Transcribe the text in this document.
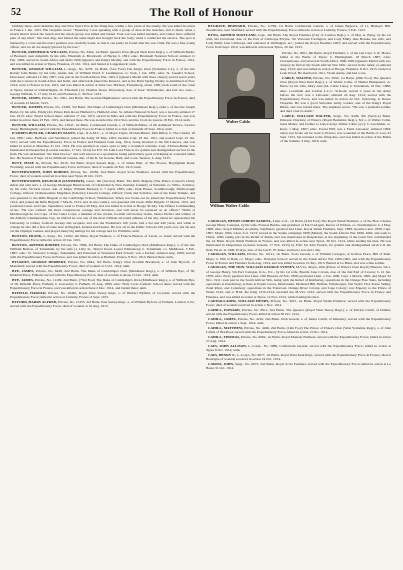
52	The Roll of Honour

birthday there, and Christmas Day and New Year's Eve in the firing line, within a few yards of the enemy. He was killed in action in France 1 Jan. 1915. His Chaplain wrote: "Yesterday I was speaking with a group of men in the trenches, and to them, when a trench mortar struck the trench and the whole group was killed and buried. Your son was killed instantly, and cannot have suffered pain of any kind." Our men dug, and buried the same night and brought back the body, when I conducted the service. The spot is marked by a cross and the exact position was carefully noted, so that it can easily be found after the war. Unm. He was a fine young officer, and we all are deeply grieved by his loss."

BUTLER, FREDERICK WILLIAM, Private, No. 3462, 1st Battn. Queen's Own (Royal West Kent Regt.), s. of William Butler, of Bonnard, near Ampthill, by his wife, Elizabeth A. Brockwell, of Bucks; b. 1891; educ. Bracknell National School; enlisted 11 Feb. 1909; served in South Africa and India 1909 (Queen's and King's Medal), and with the Expeditionary Force in France, 1914, and was killed in action at Ypres, Flanders, 21 Oct. 1914, and buried at Langemarck; unm.

BUTLER, GEORGE WILLIAM, L.-Sergt., No. 9278, 1st Battn. (51st Foot) The King's Own (Yorkshire L.I.), s. of the late Robert John Butler, by his wife, Annie, dau. of William Ward; b. Leamington, co. York, 1 Jan. 1891; educ. St. Joseph's School, Doncaster; enlisted 12 July 1907; took part in the South African War, 1901-2 (Queen's Medal with three clasps); served seven years with the Colours in South Africa and India, and afterwards joined the Reserve, and at the Plant Spring Works; re-mobilised in Nov. 1914; went to France in Jan. 1915, and was killed in action at Zeist Ger. Harbour, Frezenberg, about 1300 yards south of the canal at Ypres; buried at Vlamertinghe; m. Elizabeth (14, Thomas Street, Doncaster), dau. of Isaac Wollamsone, and had two sons—George William, b. 17 July 1912, and Frederick, b. 30 Nov. 1913.

BUTLER, JAMES, Private, No. 2301, 2nd Battn. The Gordon Highlanders; served with the Expeditionary Force in France; died of wounds 12 March, 1915.

BUTLER, JOSEPH, Private, No. 13485, 3rd Battn. The Duke of Cambridge's Own (Middlesex Regt.), elder s. of the late Joseph Butler, by his wife, Emily (22, Prince Park Road, Hatfield; b. Hatfield; educ. St. Albans National School; was a Groom; enlisted 17 Jan. 1913; educ. Board School there; enlisted 17 Jan. 1913; served in India and with the Expeditionary Force in France, and was killed in action there 25 Feb. 1915, and buried there. He was awarded the 1914 Star, and the Croix de Guerre 18 Feb. 1914; unm.

BUTLER, WILLIAM, Private, No. 13047, 1st Battn. Coldstream Guards, s. of William Butler, of 29, Ashmead Terrace, Lewis's Street, Birmingham; served with the Expeditionary Force in France; killed in action at Verneuil 20 Sept. 1914; unm.

D'URBEN-BUTLER, CHARLES PAGET, Capt., R.A.M.C., s. of Major Thyne d'Urban-Butler, 49th Rifles; b. The Citadel, 18 Jan. 1881; educ. Bedford, and Sandhurst; joined the Army 18 May, 1903, became Capt. 18 Jan. 1911, and posted Capt. 25 Jan. 1911; served with the Expeditionary Force in France and Flanders from Aug. 1914, being attached to the 9th Lancers, and was killed in action at Messines 31 Oct. 1914. He was gazetted on opera open to help a wounded comrade. Capt. d'Urben-Butler was mentioned in Despatches (London Gazette, 17 Oct. 1914) for F.N. Sir John Lord French, for gallant and distinguished service in the field. He was nicknamed "the Mad Doctor," and well known as a sportsman, being particularly good at bringing in wounded under fire. He married, 8 Sept. 1914, Millicent Greene, dau. of the R. Sir Greene, Bath, and a son, Terence, b. Aug. 1915.

BUTT, JESSE A., Private, No. 8219, 3rd Battn. Royal Sussex Regt., s. of James Butt, of The Flower, Hoyingham Road, Worthing; served with the Expeditionary Force in France; died of wounds 20 Feb. 1915; unm.

BUTTERWORTH, JOHN ROBERT, Private, No. 10282, 2nd Battn. Royal Scots Fusiliers; served with the Expeditionary Force; died of wounds received in action near Ypres 20 Oct. 1915.

BUTTERWORTH, REGINALD (FANSHAWE), Lieut., 9th (Service) Battn. The Rifle Brigade (The Prince Consort's Own), eldest and only surv. s. of George Montague Butterworth, of Christchurch, New Zealand, formerly of Swindon, co. Wilts., Solicitor, by his wife, Victoria Grace, dau. of Major William Bernard; b. 7 April, 1885; educ. Park House, Southborough; Marlborough College, Oxford; Ordnanceshire Magdalen (Scholar); Lincoln College, Oxford; Clerk and Solicitor, and of the Inner Temple, and was gazetted to the Rifle Brigade at the Cambridge School, Wimbledon. When war broke out he joined the Expeditionary Force 1914; and joined the Rifle Brigade 7 March, 1913, and on the country, was gazetted 2nd Lieut. Rifle Brigade 17 March, 1915, and promoted Lieut. and Capt. September, went to France 29 May, and was killed in action at Hooge 30 July. The Officer Commanding wrote: "He was without the most conspicuous courage and devotion, and will never be replaced as an officer." While at Marlborough he was Capt. of the Cadet Corps, a member of the cricket, football and hockey teams, Senior Prefect and winner of the Athletic Championship Cup. At Oxford he was one of the most brilliant all-round athletes of his day, where he represented his University at cricket, football, hockey and racquets, and was the Freshman's 100 yards, had a hat and 440 yards, and while at college he also did a feat of some note in England, Ireland and Eastern. He was 1st in the Public Schools 100 yards race, his 2st and 1st the Olympic Games, and played many big innings for his college and for Wiltshire; unm.

BUXTON, FRANK, L.-Sergt., No. 10162, 4th Battn. Royal Fusiliers, s. of Francis Buxton, of Leeds, co. Kent; served with the Expeditionary Force; killed in action 10 Jan. 1915.

BUXTON, ARTHUR ROBERT, Private, No. 7866, 3rd Battn. The Duke of Cambridge's Own (Middlesex Regt.), s. of the late William Buxton, of Tottenham, by his wife (1, Lilly St., Mary's Road, Lower Edmonton); b. Tottenham, co. Middlesex, 5 Feb. 1887; educ. St. Saviour's College, Tottenham, and Educated at Wanstead Park School; was a Packer; enlisted Aug. 1908; served with the Expeditionary Force in France, and was killed in action at Bailleul, France, 8 Nov. 1914. Buried there; unm.

BYCROFT, GEORGE HERBERT, Private, No. 6844, 3rd Battn. King's Own Scottish Borderers; s. of John Bycroft, of Mansfield; served with the Expeditionary Force; died of wounds at 3 Oct. 1914; unm.

BYE, JAMES, Private, No. 8448, 2nd Battn. The Duke of Cambridge's Own (Middlesex Regt.), s. of William Bye, of 38, Kirkdall Place, Fulham; served with the Expeditionary Force; died of wounds at Aisne 15 Oct. 1914; unm.

BYE, JAMES, Private, No. 11109, 2nd Battn. (73rd Foot) The Duke of Cambridge's Own (Middlesex Regt.), s. of William Bye, of 28, Kirkdall Place, Fulham; b. Gravesley; b. Fulham, 25 Aug. 1883; educ. Holy Cross Catholic School there; served with the Expeditionary Force in France, and was killed in action there 2 Dec. 1914, and buried there; unm.

BYFIELD, HAROLD, Private, No. 16462, Royal West Surrey Regt., s. of Herbert Byfield, of Croydon; served with the Expeditionary Force; killed in action at Cuinchy, France, 6 Sept. 1915.

BYFORD, HARRY ALFRED, Private, No. 15455, 3rd Battn. East Surrey Regt., s. of William Byford, of Fulham, London, S.W.; served with the Expeditionary Force; died of wounds at 10 Aug. 1915.

BYGRAVE, BERNARD, Private, No. 11796, 1st Battn. Coldstream Guards, s. of James Bygrave, of 11, Bishop's Hill, Woodhouse, near Sheffield; served with the Expeditionary Force; killed in action at Cuinchy, France, 5 Feb. 1915.

BYNG, ARTHUR MAITLAND, Capt., 4th Battn. The Royal Fusiliers (City of London Regt.), s. of Maj. A. Byng, by his 1st wife, Ida Cleveland, dau. of the Earl of Calthorpe Elvyne, 7th Viscount Torrington, and Lady Emily Jane Bourke, his wife, and Lady Emily Jane Calthorpe, and educated at Wellington, etc.; joined the Royal Fusiliers 1903; and served with the Expeditionary Force from Sept. 1914; was killed in action near Ypres, 20 Jan. 1915.

Walter Cable.
William Walter Cable.

Private, No. 6651, 6th Battn. Royal Fusiliers; s. of the late Capt. S. R. Hoare, killed at the Battle of Ypres; b. Hurlingham, 18 March 1887; educ. Charterhouse, and served in South Africa 1900-1902 (Queen's Medal with two clasps); he first in the South African War 1901, served in the ranks; re-enlisted Aug. 1914; and was killed in action at Hooge, Flanders, 8 Oct. 1915, buried at Leek Wood. He married in 1911, Violet Annie, and had a son.

CABLE, WALTER, Private, No. 9592, 1st Battn. (20th Foot) The Queen's Own (Royal West Kent Regt.), s. of Walter Cable, of Hemel Hempstead, co. Herts, by his wife, Mary Ann (44, Cable Lane), b. Tottenham, 16 Dec. 1880; educ. Levelham and Carlton L.C.C. Schools; served 2 years in the Army before the war; was a Labourer; enlisted 24 Aug. 1914; served with the Expeditionary Force, and was killed in action 22 Oct. following, at Neuve Chapelle. He was a good Salvation Army worker, and of the King's Royal Rifles, and was buried there. The Adjutant wrote: "He was a splendid soldier, and died a hero's death."

CABLE, WILLIAM WALTER, Sergt., No. 9446, 9th (Service) Battn. Princess Charlotte of Wales's (Royal Berkshire Regt.), 3rd s. of Walter Cable, Jesse Manor, and brother to Lance-Sergt. Walter Cable (q.v.); b. Lewisham, co. Kent, 1 May, 1887; educ. Forest Hill; was a Farm Labourer; enlisted 1909; when war broke out he went to France; was wounded at the Battle of Loos 25 Sept. 1915, but returned to the firing line, and was killed in action at the Battle of the Somme, 3 July, 1916; unm.

CADOGAN, HENRY OSBERT SAMUEL, Lieut.-Col., 1st Battn. (23rd Foot) The Royal Welsh Fusiliers, s. of the Hon. Charles George Henry Cadogan, by his wife, Frances Bertha, and grandson of Earl Cadogan, Rector of Wicken, co. Northampton; b. 4 May, 1868; educ. Royal Military Academy, Sandhurst; gazetted 2nd Lieut. Royal Welsh Fusiliers, Sept. 1888, became Lieut. 1890, Capt. 1897, Major 1904, Lieut.-Col. 1913; served in the Sudan campaign 1898 (Medal), the South African War 1899–1902, and went to China, 1900, taking part in the Relief of Pekin, and was mentioned in Despatches; at the beginning of the Great War commanded the 1st Battn. Royal Welsh Fusiliers in France, and was killed in action near Ypres, 30 Oct. 1914, while leading his men. He was mentioned in Despatches (London Gazette, 17 Feb. 1915) by F.M. Sir John French, for gallant and distinguished service in the field. He m. in 1906, Evelyn, dau. of the late E. H. Kane, and had a son and a dau.

CADOGAN, WILLIAM, Private, No. 10121, 1st Battn. Scots Guards, s. of William Cadogan, of Grafton Place, Hill of Rath, Mayo; b. Hill of Rath, co. Mayo; educ. National School; served in the South Africa War 1900-1902, and with the Expeditionary Force in France and Flanders from Aug. 1914, and was killed in action 10 July, 1915. Buried at Le Bizet, and was a fine soldier.

CADOGAN, THE HON. WILLIAM GEORGE SYDNEY, M.V.O., Major, 10th (Prince of Wales's Own Royal) Hussars, 5th s. of George Henry, 5th Earl Cadogan, K.G., P.C., by his 1st wife, Beatrix Jane Craven, dau. of the 2nd Earl of Craven; b. 12 Jan. 1879; educ. Eton; gazetted 2nd Lieut. 10th Hussars 22 Feb. 1899; promoted Lieut. 1 Jan. 1900, Capt. 1 March, 1905, and Major 22 Nov. 1911; took part in the South African War, being with the Relief of Kimberley, operations in the Orange Free State, including operations at Paardeberg; actions at Poplar Grove, Driefontein, Diamond Hill, Belfast, Wittebergen, Van Wyk's Vlei, Karee Siding; Zand River, and Colesberg; operations in the Transvaal, Orange River Colony, and Cape Colony; was Equerry to the Prince of Wales 1910, and to H.M. the King 1910-1914; awarded the M.V.O. 1912; served with the Expeditionary Force in France and Flanders, and was killed in action at Ypres, 12 Nov. 1914, while leading his men.

CADWALLADER, WILLIAM HENRY, Private, No. 3201, 1st Battn. Royal Welsh Fusiliers; served with the Expeditionary Force; died of wounds received in action 1 Nov. 1914.

CAHILL, EDWARD, Private, No. 8911, 2nd Battn. The Queen's (Royal West Surrey Regt.), s. of Patrick Cahill, of Dublin; served with the Expeditionary Force; killed in action 30 Oct. 1914.

CAHILL, JAMES, Private, No. 4216, 2nd Battn. Irish Guards, s. of James Cahill, of Kilkenny; served with the Expeditionary Force; killed in action 1 Sept. 1914; unm.

CAHILL, MATTHEW, Private, No. 4496, 2nd Battn. (14th Foot) The Prince of Wales's Own (West Yorkshire Regt.), s. of John Cahill, of Bradford; served with the Expeditionary Force; killed in action 13 Oct. 1914.

CAHILL, THOMAS, Private, No. 6082, 1st Battn. Royal Munster Fusiliers; served with the Expeditionary Force; killed in action 27 Aug. 1914.

CAIN, JOHN ALLISON, L.-Corpl., No. 5889, Coldstream Guards; served with the Expeditionary Force; killed in action at Ypres 8 Oct. 1914; unm.

CAIN, HENRY T., L.-Corpl., No. 9677, 1st Battn. Royal West Kent Regt.; served with the Expeditionary Force in France; died at Boulogne of wounds received in action 24 Oct. 1914.

CAIRNS, JOHN, Sergt., No. 6672, 2nd Battn. Royal Scots Fusiliers; served with the Expeditionary Force; killed in action at Le Basse 31 Oct. 1914.
